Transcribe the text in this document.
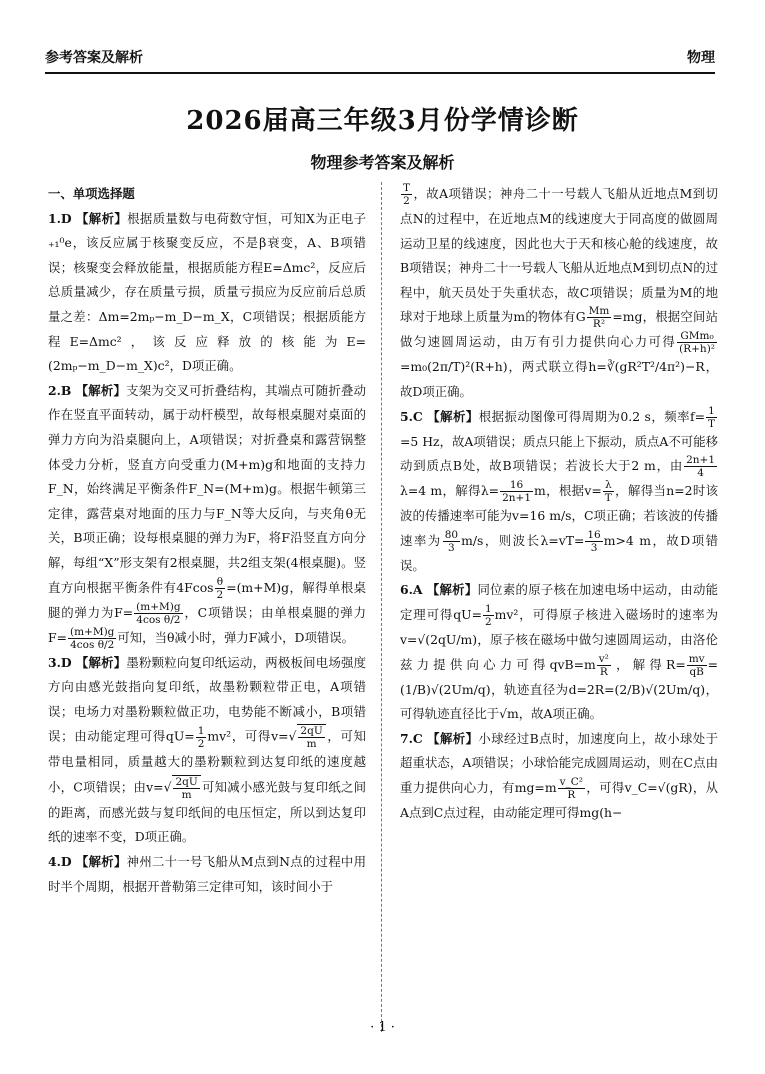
参考答案及解析	物理
2026届高三年级3月份学情诊断
物理参考答案及解析
一、单项选择题

1.D 【解析】根据质量数与电荷数守恒，可知X为正电子₊₁⁰e，该反应属于核聚变反应，不是β衰变，A、B项错误；核聚变会释放能量，根据质能方程E=Δmc²，反应后总质量减少，存在质量亏损，质量亏损应为反应前后总质量之差：Δm=2mₚ−m_D−m_X，C项错误；根据质能方程E=Δmc²，该反应释放的核能为E=(2mₚ−m_D−m_X)c²，D项正确。

2.B 【解析】支架为交叉可折叠结构，其端点可随折叠动作在竖直平面转动，属于动杆模型，故每根桌腿对桌面的弹力方向为沿桌腿向上，A项错误；对折叠桌和露营锅整体受力分析，竖直方向受重力(M+m)g和地面的支持力F_N，始终满足平衡条件F_N=(M+m)g。根据牛顿第三定律，露营桌对地面的压力与F_N等大反向，与夹角θ无关，B项正确；设每根桌腿的弹力为F，将F沿竖直方向分解，每组“X”形支架有2根桌腿，共2组支架(4根桌腿)。竖直方向根据平衡条件有$4Fcos \frac{\theta}{2} =(m+M)g$，解得单根桌腿的弹力为$F= \frac{(m+M)g}{\text{4cos θ/2}}$ ，C项错误；由单根桌腿的弹力$F= \frac{(m+M)g}{\text{4cos θ/2}}$ 可知，当θ减小时，弹力F减小，D项错误。

3.D 【解析】墨粉颗粒向复印纸运动，两极板间电场强度方向由感光鼓指向复印纸，故墨粉颗粒带正电，A项错误；电场力对墨粉颗粒做正功，电势能不断减小，B项错误；由动能定理可得$qU= \frac{1}{2} mv^2$，可得$v=√ \frac{2qU}{m}$ ，可知带电量相同，质量越大的墨粉颗粒到达复印纸的速度越小，C项错误；由$v=√ \frac{2qU}{m}$ 可知减小感光鼓与复印纸之间的距离，而感光鼓与复印纸间的电压恒定，所以到达复印纸的速率不变，D项正确。

4.D 【解析】神州二十一号飞船从M点到N点的过程中用时半个周期，根据开普勒第三定律可知，该时间小于

$\frac{T}{2}$ ，故A项错误；神舟二十一号载人飞船从近地点M到切点N的过程中，在近地点M的线速度大于同高度的做圆周运动卫星的线速度，因此也大于天和核心舱的线速度，故B项错误；神舟二十一号载人飞船从近地点M到切点N的过程中，航天员处于失重状态，故C项错误；质量为M的地球对于地球上质量为m的物体有G $\frac{Mm}{\text{R²}} =mg$，根据空间站做匀速圆周运动，由万有引力提供向心力可得 $\frac{\text{GMm₀}}{\text{(R+h)²}}$
=m₀(2π/T)²(R+h)，两式联立得h=∛(gR²T²/4π²)−R，故D项正确。

5.C 【解析】根据振动图像可得周期为0.2 s，频率$f= \frac{1}{T}$
=5 Hz，故A项错误；质点只能上下振动，质点A不可能移动到质点B处，故B项错误；若波长大于2 m，由 $\frac{2n+1}{4}$
λ=4 m，解得$\lambda= \frac{16}{2n+1}$ m，根据$v= \frac{\lambda}{T}$ ，解得当n=2时该波的传播速率可能为v=16 m/s，C项正确；若该波的传播速率为 $\frac{80}{3} m/s$，则波长$\lambda=vT= \frac{16}{3} m>4$ m，故D项错误。

6.A 【解析】同位素的原子核在加速电场中运动，由动能定理可得$qU= \frac{1}{2} mv^2$，可得原子核进入磁场时的速率为v=√(2qU/m)，原子核在磁场中做匀速圆周运动，由洛伦兹力提供向心力可得$qvB=m \frac{\text{v²}}{R}$ ，解得$R= \frac{mv}{qB} =(1/B)√(2Um/q)$，轨迹直径为d=2R=(2/B)√(2Um/q)，可得轨迹直径比于√m，故A项正确。

7.C 【解析】小球经过B点时，加速度向上，故小球处于超重状态，A项错误；小球恰能完成圆周运动，则在C点由重力提供向心力，有$mg=m \frac{\text{v\_C²}}{R}$ ，可得v_C=√(gR)，从A点到C点过程，由动能定理可得mg(h−

· 1 ·
